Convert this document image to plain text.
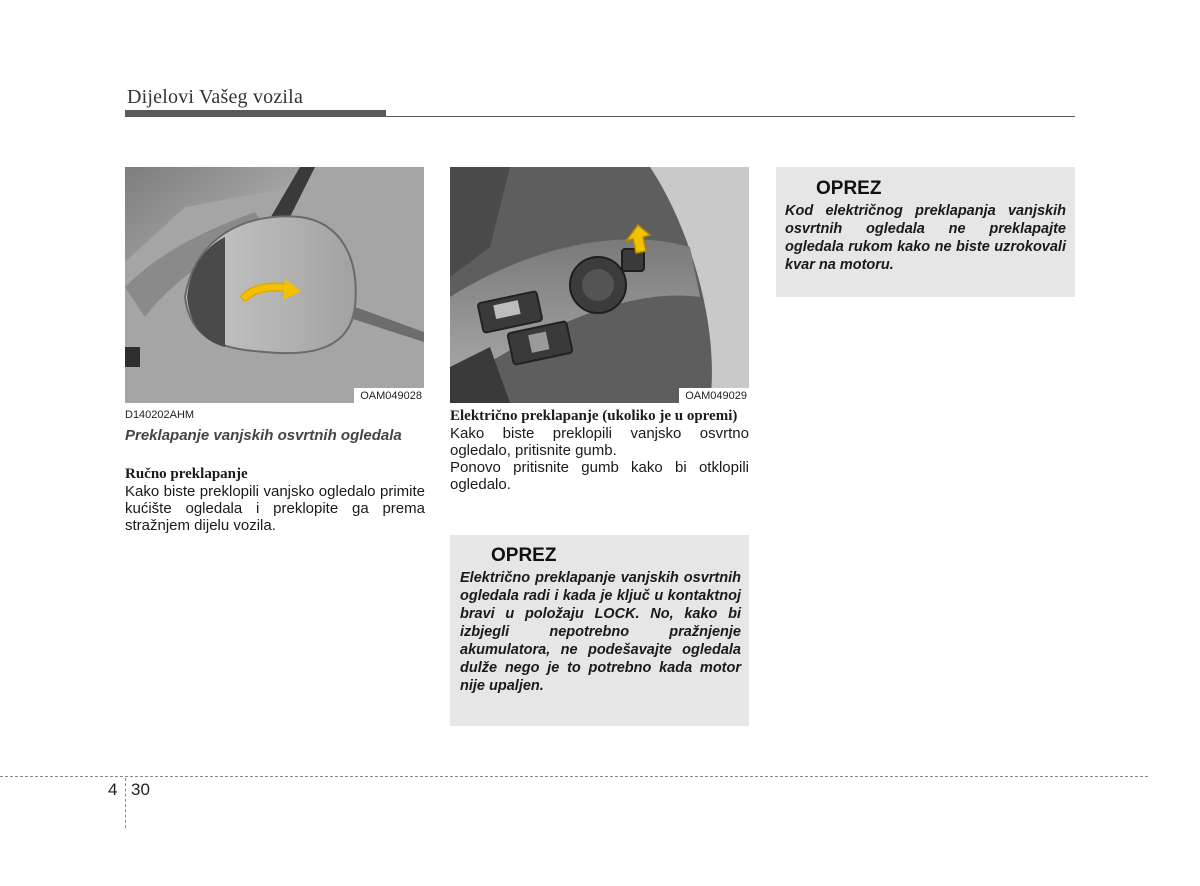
Dijelovi Vašeg vozila
OAM049028	OAM049029
D140202AHM
Preklapanje vanjskih osvrtnih ogledala
Ručno preklapanje

Kako biste preklopili vanjsko ogledalo primite kućište ogledala i preklopite ga prema stražnjem dijelu vozila.

Električno preklapanje (ukoliko je u opremi)

Kako biste preklopili vanjsko osvrtno ogledalo, pritisnite gumb.

Ponovo pritisnite gumb kako bi otklopili ogledalo.

OPREZ
Električno preklapanje vanjskih osvrtnih ogledala radi i kada je ključ u kontaktnoj bravi u položaju LOCK. No, kako bi izbjegli nepotrebno pražnjenje akumulatora, ne podešavajte ogledala dulže nego je to potrebno kada motor nije upaljen.
OPREZ
Kod električnog preklapanja vanjskih osvrtnih ogledala ne preklapajte ogledala rukom kako ne biste uzrokovali kvar na motoru.
4 30
